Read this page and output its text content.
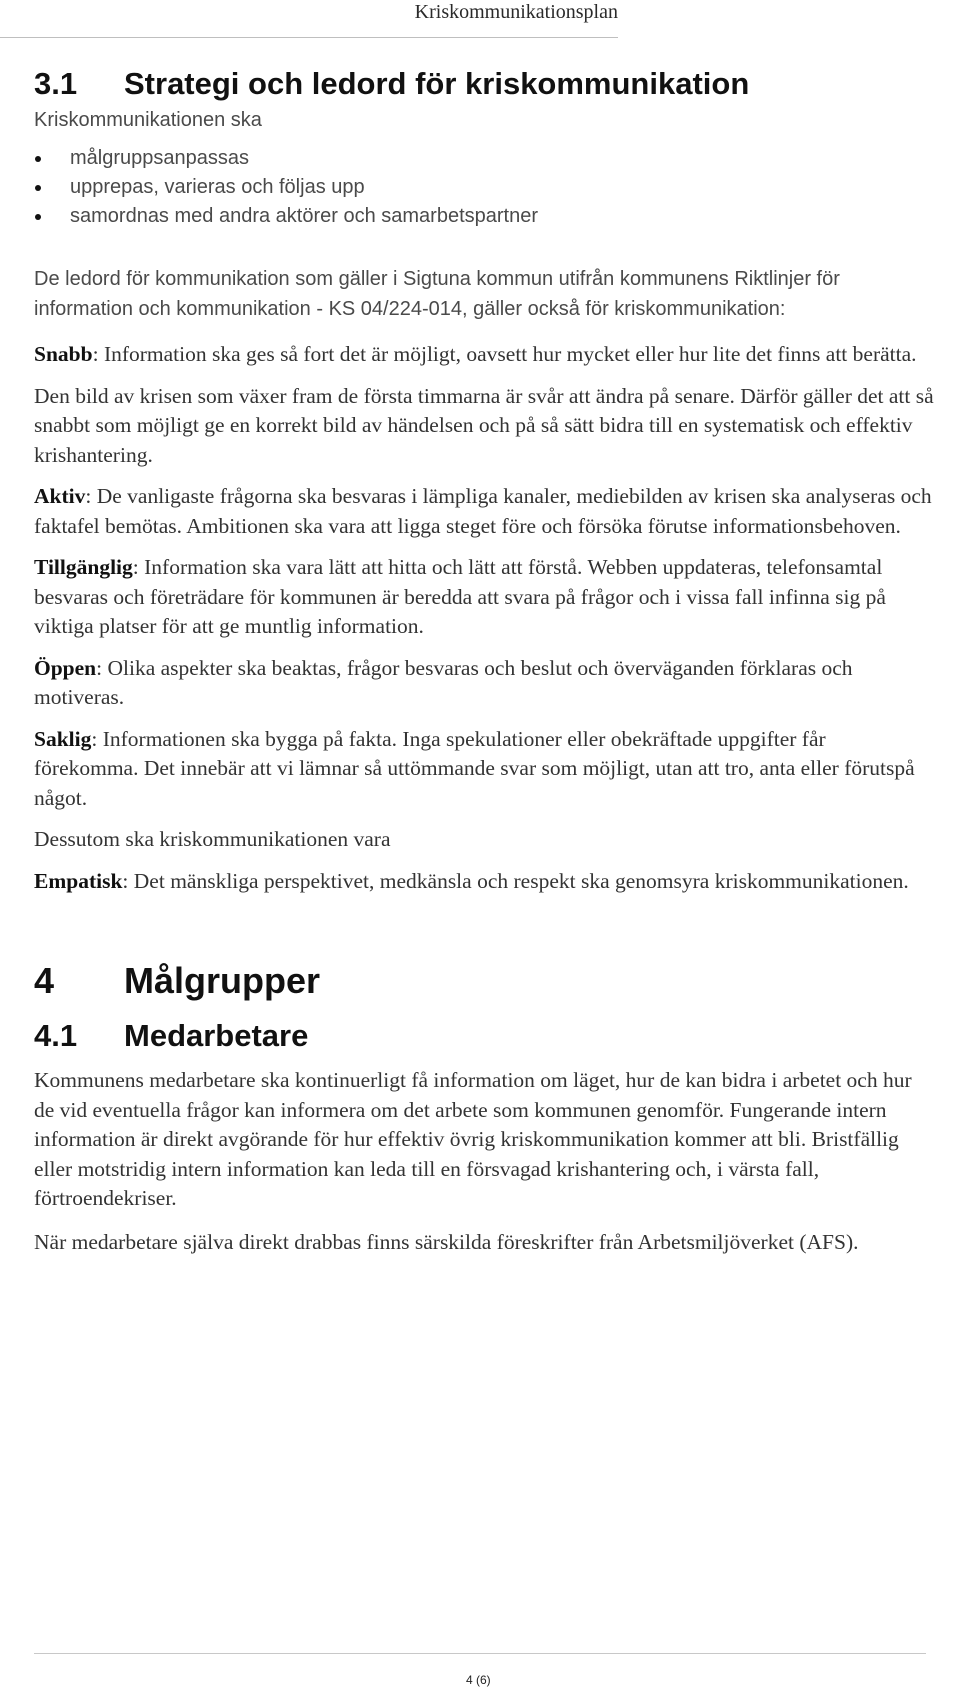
Kriskommunikationsplan
3.1 Strategi och ledord för kriskommunikation

Kriskommunikationen ska

målgruppsanpassas
upprepas, varieras och följas upp
samordnas med andra aktörer och samarbetspartner

De ledord för kommunikation som gäller i Sigtuna kommun utifrån kommunens Riktlinjer för information och kommunikation - KS 04/224-014, gäller också för kriskommunikation:

Snabb: Information ska ges så fort det är möjligt, oavsett hur mycket eller hur lite det finns att berätta.

Den bild av krisen som växer fram de första timmarna är svår att ändra på senare. Därför gäller det att så snabbt som möjligt ge en korrekt bild av händelsen och på så sätt bidra till en systematisk och effektiv krishantering.

Aktiv: De vanligaste frågorna ska besvaras i lämpliga kanaler, mediebilden av krisen ska analyseras och faktafel bemötas. Ambitionen ska vara att ligga steget före och försöka förutse informationsbehoven.

Tillgänglig: Information ska vara lätt att hitta och lätt att förstå. Webben uppdateras, telefonsamtal besvaras och företrädare för kommunen är beredda att svara på frågor och i vissa fall infinna sig på viktiga platser för att ge muntlig information.

Öppen: Olika aspekter ska beaktas, frågor besvaras och beslut och överväganden förklaras och motiveras.

Saklig: Informationen ska bygga på fakta. Inga spekulationer eller obekräftade uppgifter får förekomma. Det innebär att vi lämnar så uttömmande svar som möjligt, utan att tro, anta eller förutspå något.

Dessutom ska kriskommunikationen vara

Empatisk: Det mänskliga perspektivet, medkänsla och respekt ska genomsyra kriskommunikationen.

4 Målgrupper
4.1 Medarbetare

Kommunens medarbetare ska kontinuerligt få information om läget, hur de kan bidra i arbetet och hur de vid eventuella frågor kan informera om det arbete som kommunen genomför. Fungerande intern information är direkt avgörande för hur effektiv övrig kriskommunikation kommer att bli. Bristfällig eller motstridig intern information kan leda till en försvagad krishantering och, i värsta fall, förtroendekriser.

När medarbetare själva direkt drabbas finns särskilda föreskrifter från Arbetsmiljöverket (AFS).

4 (6)
